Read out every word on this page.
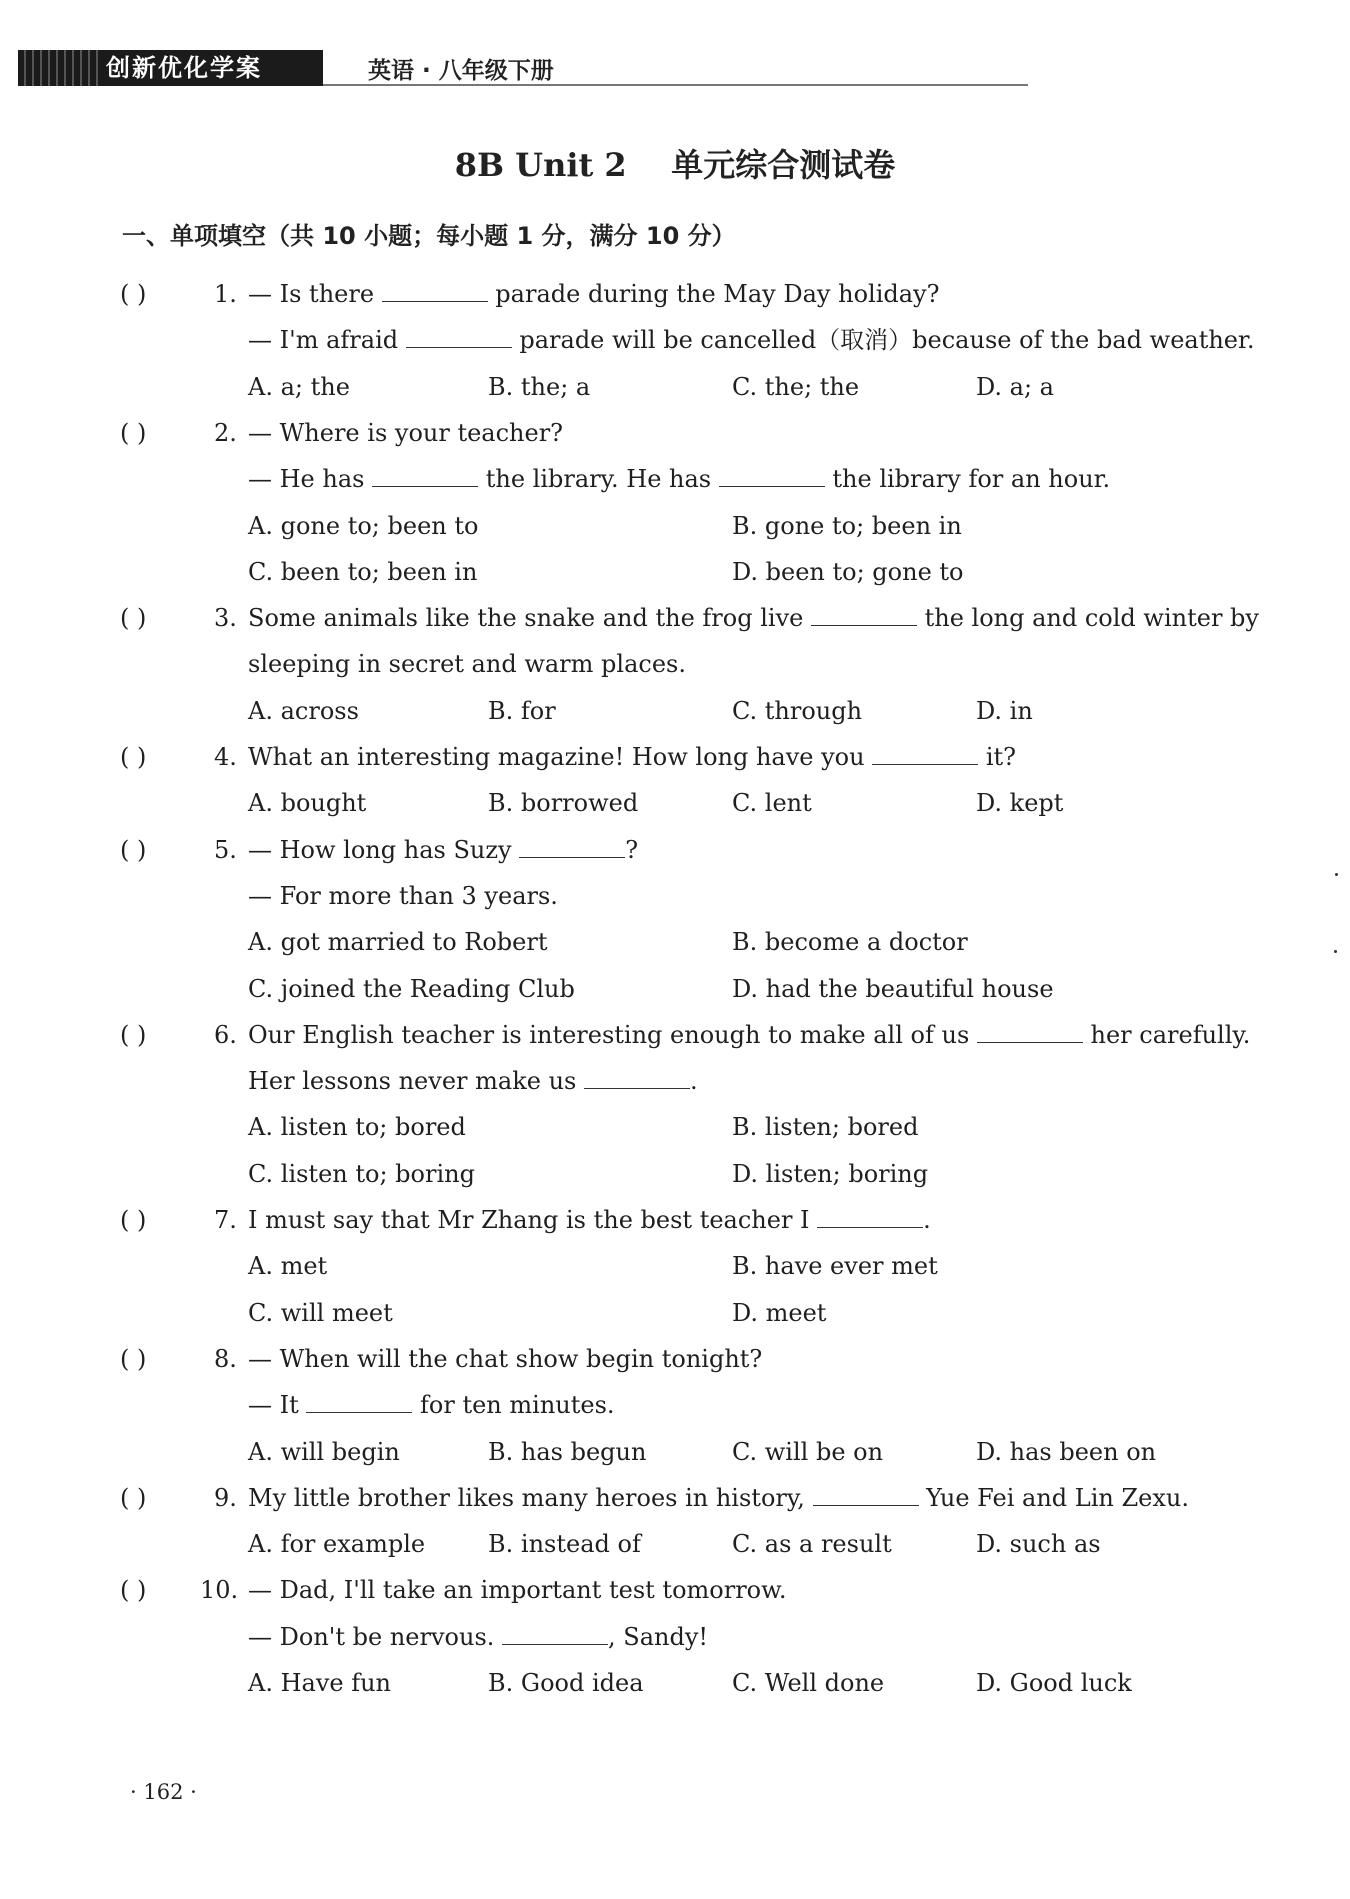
创新优化学案	英语 · 八年级下册
8B Unit 2    单元综合测试卷
一、单项填空（共 10 小题；每小题 1 分，满分 10 分）
( )	1. — Is there	parade during the May Day holiday?
— I'm afraid	parade will be cancelled（取消）because of the bad weather.
A. a; the	B. the; a	C. the; the	D. a; a
( )	2. — Where is your teacher?
— He has	the library. He has	the library for an hour.
A. gone to; been to	B. gone to; been in
C. been to; been in	D. been to; gone to
( )	3. Some animals like the snake and the frog live	the long and cold winter by
sleeping in secret and warm places.
A. across	B. for	C. through	D. in
( )	4. What an interesting magazine! How long have you	it?
A. bought	B. borrowed	C. lent	D. kept
( )	5. — How long has Suzy	?
— For more than 3 years.
A. got married to Robert	B. become a doctor
C. joined the Reading Club	D. had the beautiful house
( )	6. Our English teacher is interesting enough to make all of us	her carefully.
Her lessons never make us	.
A. listen to; bored	B. listen; bored
C. listen to; boring	D. listen; boring
( )	7. I must say that Mr Zhang is the best teacher I	.
A. met	B. have ever met
C. will meet	D. meet
( )	8. — When will the chat show begin tonight?
— It	for ten minutes.
A. will begin	B. has begun	C. will be on	D. has been on
( )	9. My little brother likes many heroes in history,	Yue Fei and Lin Zexu.
A. for example	B. instead of	C. as a result	D. such as
( ) 10. — Dad, I'll take an important test tomorrow.
— Don't be nervous.	, Sandy!
A. Have fun	B. Good idea	C. Well done	D. Good luck
· 162 ·
